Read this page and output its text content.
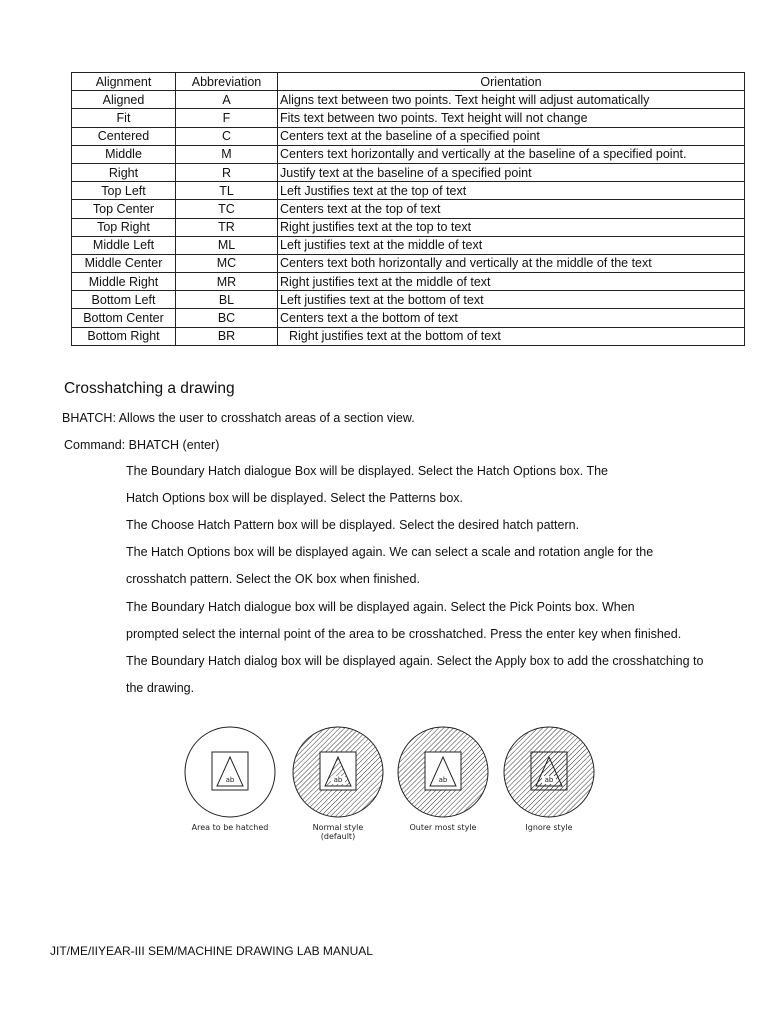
Alignment	Abbreviation	Orientation
Aligned	A	Aligns text between two points. Text height will adjust automatically
Fit	F	Fits text between two points. Text height will not change
Centered	C	Centers text at the baseline of a specified point
Middle	M	Centers text horizontally and vertically at the baseline of a specified point.
Right	R	Justify text at the baseline of a specified point
Top Left	TL	Left Justifies text at the top of text
Top Center	TC	Centers text at the top of text
Top Right	TR	Right justifies text at the top to text
Middle Left	ML	Left justifies text at the middle of text
Middle Center	MC	Centers text both horizontally and vertically at the middle of the text
Middle Right	MR	Right justifies text at the middle of text
Bottom Left	BL	Left justifies text at the bottom of text
Bottom Center	BC	Centers text a the bottom of text
Bottom Right	BR	Right justifies text at the bottom of text
Crosshatching a drawing

BHATCH: Allows the user to crosshatch areas of a section view.

Command: BHATCH (enter)

The Boundary Hatch dialogue Box will be displayed. Select the Hatch Options box. The

Hatch Options box will be displayed. Select the Patterns box.

The Choose Hatch Pattern box will be displayed. Select the desired hatch pattern.

The Hatch Options box will be displayed again. We can select a scale and rotation angle for the

crosshatch pattern. Select the OK box when finished.

The Boundary Hatch dialogue box will be displayed again. Select the Pick Points box. When

prompted select the internal point of the area to be crosshatched. Press the enter key when finished.

The Boundary Hatch dialog box will be displayed again. Select the Apply box to add the crosshatching to

the drawing.

ab
Area to be hatched
ab
Normal style
(default)
ab
Outer most style
ab
Ignore style

JIT/ME/IIYEAR-III SEM/MACHINE DRAWING LAB MANUAL
